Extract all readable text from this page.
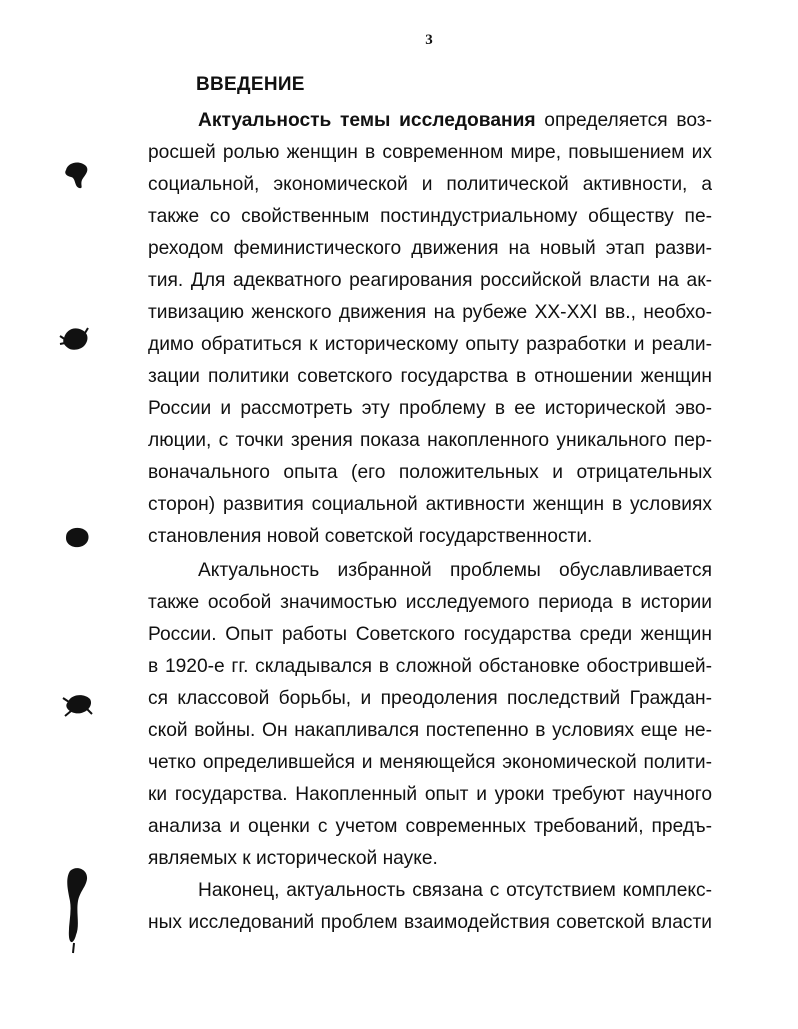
3
ВВЕДЕНИЕ
Актуальность темы исследования определяется воз-
росшей ролью женщин в современном мире, повышением их
социальной, экономической и политической активности, а
также со свойственным постиндустриальному обществу пе-
реходом феминистического движения на новый этап разви-
тия. Для адекватного реагирования российской власти на ак-
тивизацию женского движения на рубеже XX-XXI вв., необхо-
димо обратиться к историческому опыту разработки и реали-
зации политики советского государства в отношении женщин
России и рассмотреть эту проблему в ее исторической эво-
люции, с точки зрения показа накопленного уникального пер-
воначального опыта (его положительных и отрицательных
сторон) развития социальной активности женщин в условиях
становления новой советской государственности.
Актуальность избранной проблемы обуславливается
также особой значимостью исследуемого периода в истории
России. Опыт работы Советского государства среди женщин
в 1920-е гг. складывался в сложной обстановке обострившей-
ся классовой борьбы, и преодоления последствий Граждан-
ской войны. Он накапливался постепенно в условиях еще не-
четко определившейся и меняющейся экономической полити-
ки государства. Накопленный опыт и уроки требуют научного
анализа и оценки с учетом современных требований, предъ-
являемых к исторической науке.
Наконец, актуальность связана с отсутствием комплекс-
ных исследований проблем взаимодействия советской власти
